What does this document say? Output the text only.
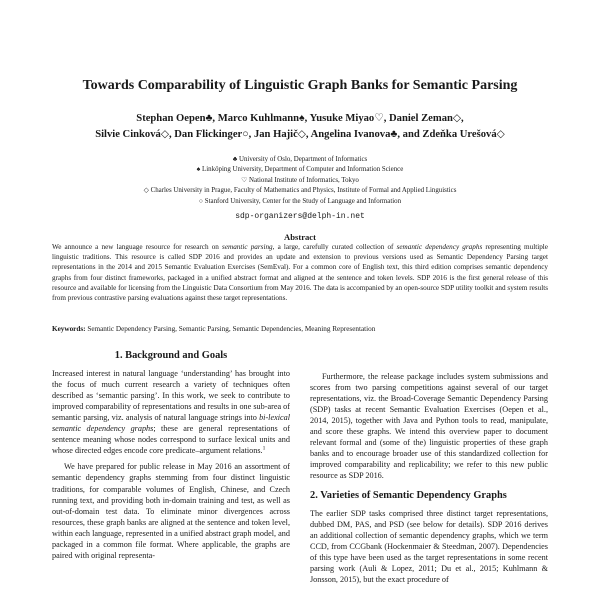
Towards Comparability of Linguistic Graph Banks for Semantic Parsing
Stephan Oepen♣, Marco Kuhlmann♠, Yusuke Miyao♡, Daniel Zeman◇,
Silvie Cinková◇, Dan Flickinger○, Jan Hajič◇, Angelina Ivanova♣, and Zdeňka Urešová◇
♣ University of Oslo, Department of Informatics
♠ Linköping University, Department of Computer and Information Science
♡ National Institute of Informatics, Tokyo
◇ Charles University in Prague, Faculty of Mathematics and Physics, Institute of Formal and Applied Linguistics
○ Stanford University, Center for the Study of Language and Information
sdp-organizers@delph-in.net
Abstract
We announce a new language resource for research on semantic parsing, a large, carefully curated collection of semantic dependency graphs representing multiple linguistic traditions. This resource is called SDP 2016 and provides an update and extension to previous versions used as Semantic Dependency Parsing target representations in the 2014 and 2015 Semantic Evaluation Exercises (SemEval). For a common core of English text, this third edition comprises semantic dependency graphs from four distinct frameworks, packaged in a unified abstract format and aligned at the sentence and token levels. SDP 2016 is the first general release of this resource and available for licensing from the Linguistic Data Consortium from May 2016. The data is accompanied by an open-source SDP utility toolkit and system results from previous contrastive parsing evaluations against these target representations.
Keywords: Semantic Dependency Parsing, Semantic Parsing, Semantic Dependencies, Meaning Representation
1. Background and Goals

Increased interest in natural language ‘understanding’ has brought into the focus of much current research a variety of techniques often described as ‘semantic parsing’. In this work, we seek to contribute to improved comparability of representations and results in one sub-area of semantic parsing, viz. analysis of natural language strings into bi-lexical semantic dependency graphs; these are general representations of sentence meaning whose nodes correspond to surface lexical units and whose directed edges encode core predicate–argument relations.$^1$

We have prepared for public release in May 2016 an assortment of semantic dependency graphs stemming from four distinct linguistic traditions, for comparable volumes of English, Chinese, and Czech running text, and providing both in-domain training and test, as well as out-of-domain test data. To eliminate minor divergences across resources, these graph banks are aligned at the sentence and token level, within each language, represented in a unified abstract graph model, and packaged in a common file format. Where applicable, the graphs are paired with original representa-

Furthermore, the release package includes system submissions and scores from two parsing competitions against several of our target representations, viz. the Broad-Coverage Semantic Dependency Parsing (SDP) tasks at recent Semantic Evaluation Exercises (Oepen et al., 2014, 2015), together with Java and Python tools to read, manipulate, and score these graphs. We intend this overview paper to document relevant formal and (some of the) linguistic properties of these graph banks and to encourage broader use of this standardized collection for improved comparability and replicability; we refer to this new public resource as SDP 2016.

2. Varieties of Semantic Dependency Graphs

The earlier SDP tasks comprised three distinct target representations, dubbed DM, PAS, and PSD (see below for details). SDP 2016 derives an additional collection of semantic dependency graphs, which we term CCD, from CCGbank (Hockenmaier & Steedman, 2007). Dependencies of this type have been used as the target representations in some recent parsing work (Auli & Lopez, 2011; Du et al., 2015; Kuhlmann & Jonsson, 2015), but the exact procedure of
